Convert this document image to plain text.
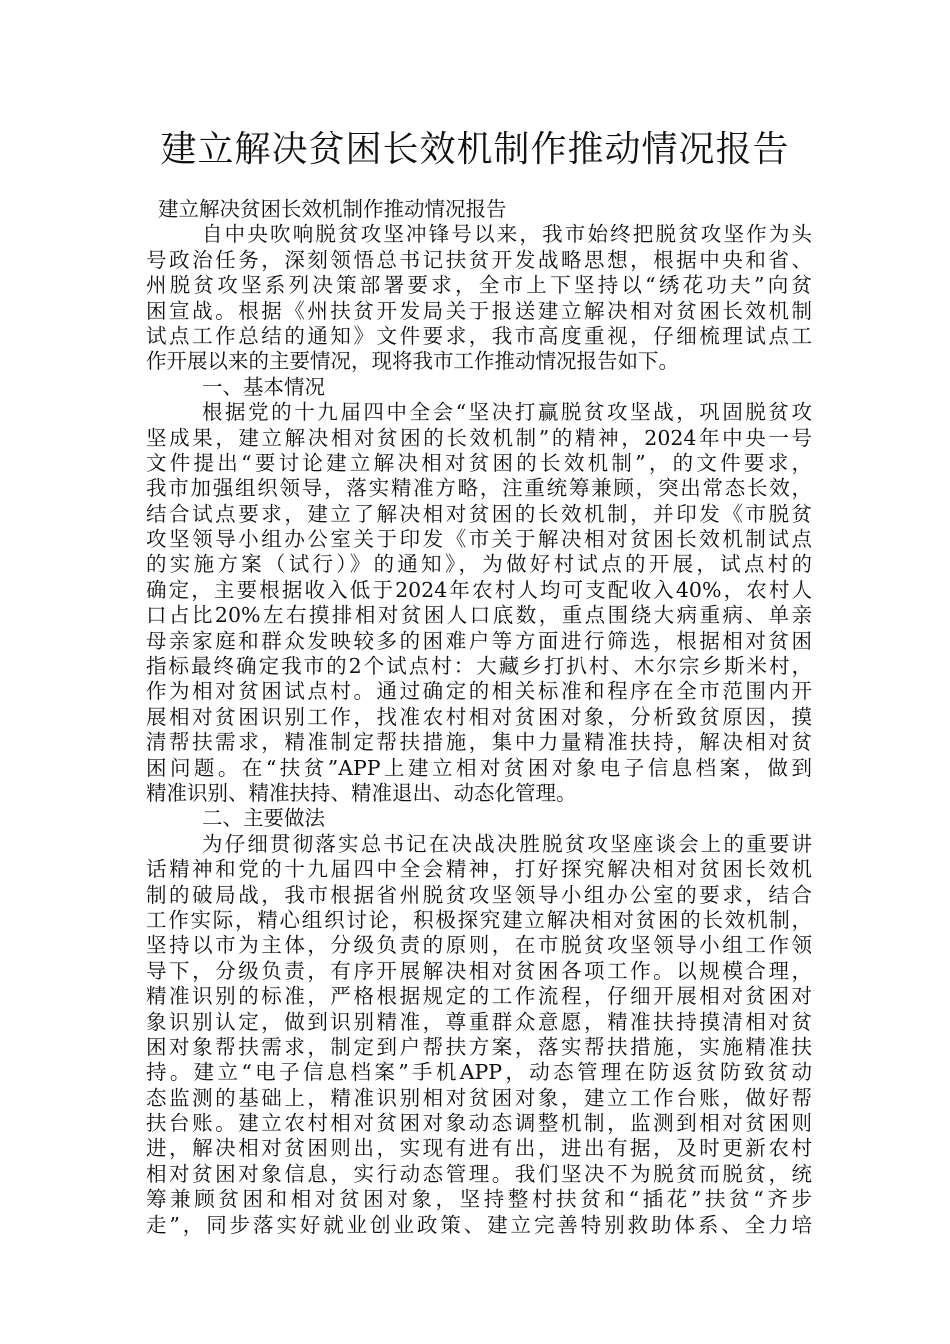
建立解决贫困长效机制作推动情况报告
建立解决贫困长效机制作推动情况报告
自中央吹响脱贫攻坚冲锋号以来，我市始终把脱贫攻坚作为头
号政治任务，深刻领悟总书记扶贫开发战略思想，根据中央和省、
州脱贫攻坚系列决策部署要求，全市上下坚持以“绣花功夫”向贫
困宣战。根据《州扶贫开发局关于报送建立解决相对贫困长效机制
试点工作总结的通知》文件要求，我市高度重视，仔细梳理试点工
作开展以来的主要情况，现将我市工作推动情况报告如下。
一、基本情况
根据党的十九届四中全会“坚决打赢脱贫攻坚战，巩固脱贫攻
坚成果，建立解决相对贫困的长效机制”的精神，2024年中央一号
文件提出“要讨论建立解决相对贫困的长效机制”，的文件要求，
我市加强组织领导，落实精准方略，注重统筹兼顾，突出常态长效，
结合试点要求，建立了解决相对贫困的长效机制，并印发《市脱贫
攻坚领导小组办公室关于印发《市关于解决相对贫困长效机制试点
的实施方案（试行）》的通知》，为做好村试点的开展，试点村的
确定，主要根据收入低于2024年农村人均可支配收入40%，农村人
口占比20%左右摸排相对贫困人口底数，重点围绕大病重病、单亲
母亲家庭和群众发映较多的困难户等方面进行筛选，根据相对贫困
指标最终确定我市的2个试点村：大藏乡打扒村、木尔宗乡斯米村，
作为相对贫困试点村。通过确定的相关标准和程序在全市范围内开
展相对贫困识别工作，找准农村相对贫困对象，分析致贫原因，摸
清帮扶需求，精准制定帮扶措施，集中力量精准扶持，解决相对贫
困问题。在“扶贫”APP上建立相对贫困对象电子信息档案，做到
精准识别、精准扶持、精准退出、动态化管理。
二、主要做法
为仔细贯彻落实总书记在决战决胜脱贫攻坚座谈会上的重要讲
话精神和党的十九届四中全会精神，打好探究解决相对贫困长效机
制的破局战，我市根据省州脱贫攻坚领导小组办公室的要求，结合
工作实际，精心组织讨论，积极探究建立解决相对贫困的长效机制，
坚持以市为主体，分级负责的原则，在市脱贫攻坚领导小组工作领
导下，分级负责，有序开展解决相对贫困各项工作。以规模合理，
精准识别的标准，严格根据规定的工作流程，仔细开展相对贫困对
象识别认定，做到识别精准，尊重群众意愿，精准扶持摸清相对贫
困对象帮扶需求，制定到户帮扶方案，落实帮扶措施，实施精准扶
持。建立“电子信息档案”手机APP，动态管理在防返贫防致贫动
态监测的基础上，精准识别相对贫困对象，建立工作台账，做好帮
扶台账。建立农村相对贫困对象动态调整机制，监测到相对贫困则
进，解决相对贫困则出，实现有进有出，进出有据，及时更新农村
相对贫困对象信息，实行动态管理。我们坚决不为脱贫而脱贫，统
筹兼顾贫困和相对贫困对象，坚持整村扶贫和“插花”扶贫“齐步
走”，同步落实好就业创业政策、建立完善特别救助体系、全力培
